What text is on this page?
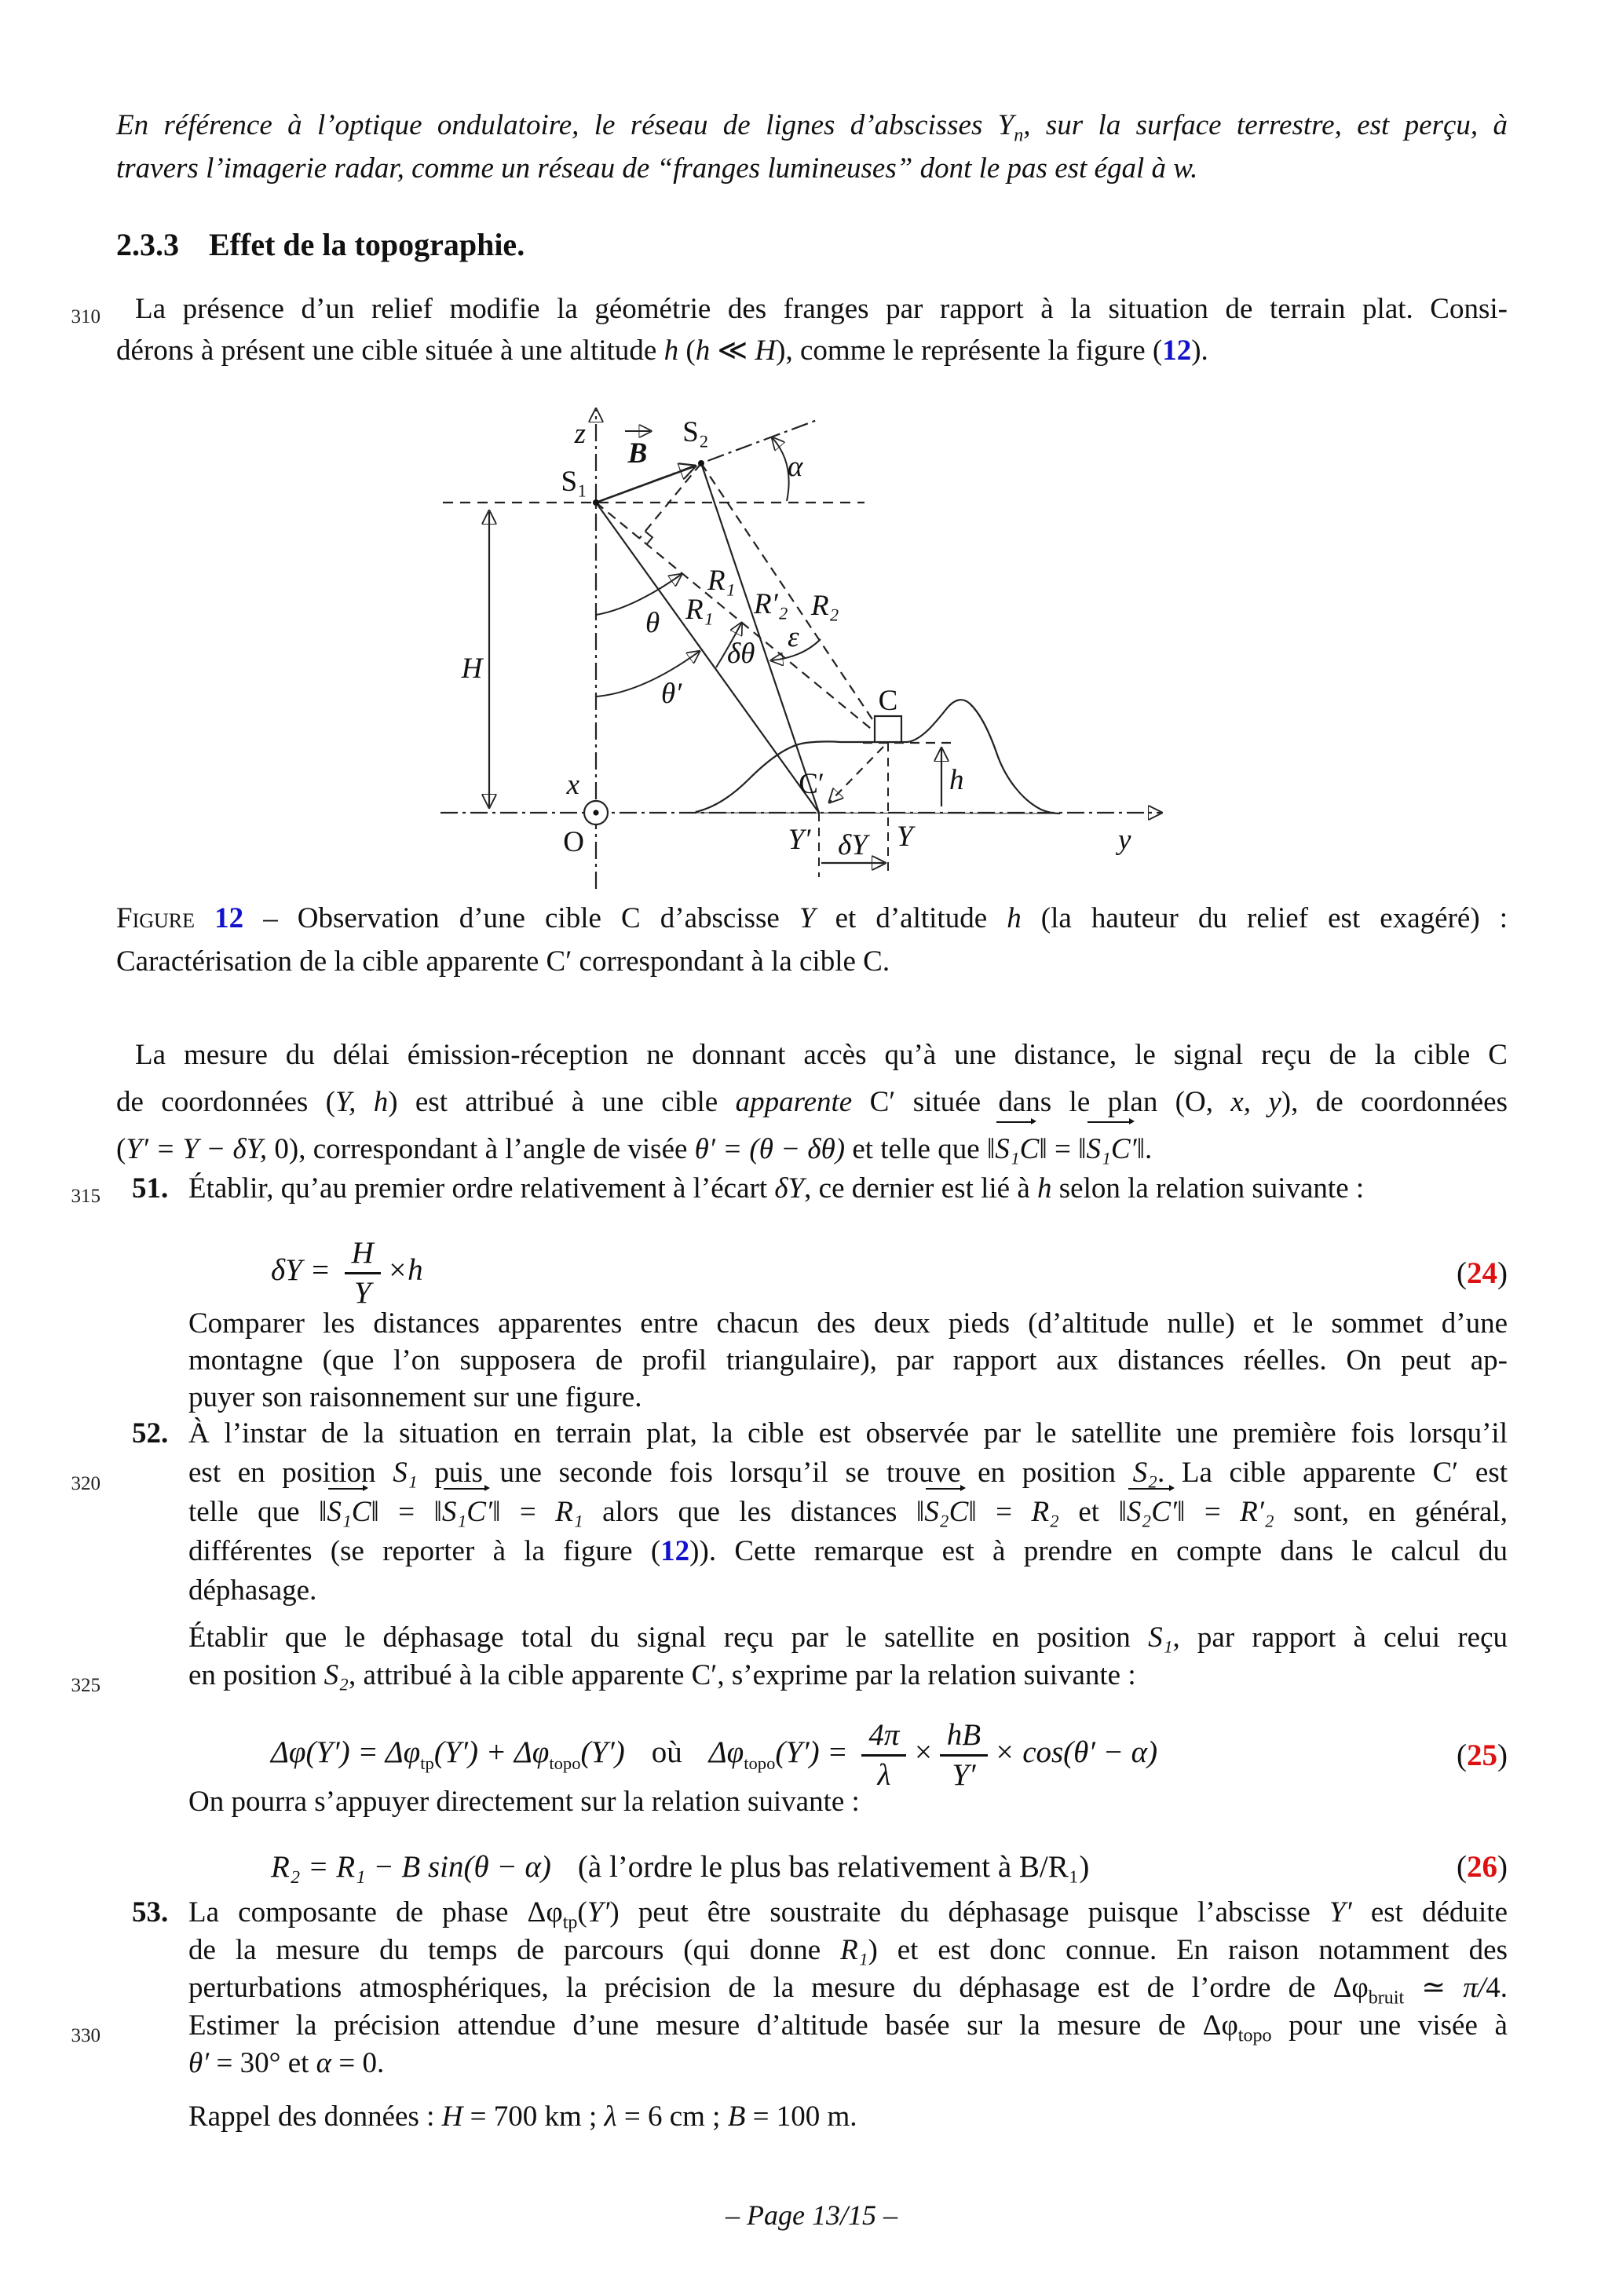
310
315
320
325
330
En référence à l’optique ondulatoire, le réseau de lignes d’abscisses $Y_n$, sur la surface terrestre, est perçu, à
travers l’imagerie radar, comme un réseau de “franges lumineuses” dont le pas est égal à w.
2.3.3 Effet de la topographie.
La présence d’un relief modifie la géométrie des franges par rapport à la situation de terrain plat. Consi-
dérons à présent une cible située à une altitude h (h ≪ H), comme le représente la figure (12).
z
S₁
S₂
B	α
θ
θ′
δθ
ε
R₁
R₁ R′₂ R₂
H
h
C
C′
Y′	Y
δY	y
x
O
Figure 12 – Observation d’une cible C d’abscisse Y et d’altitude h (la hauteur du relief est exagéré) :
Caractérisation de la cible apparente C′ correspondant à la cible C.
La mesure du délai émission-réception ne donnant accès qu’à une distance, le signal reçu de la cible C
de coordonnées (Y, h) est attribué à une cible apparente C′ située dans le plan (O, x, y), de coordonnées
(Y′ = Y − δY, 0), correspondant à l’angle de visée θ′ = (θ − δθ) et telle que ‖S₁C‖ = ‖S₁C′‖.
51. Établir, qu’au premier ordre relativement à l’écart δY, ce dernier est lié à h selon la relation suivante :
$\delta Y = \frac{H}{Y} \times h$	(24)
Comparer les distances apparentes entre chacun des deux pieds (d’altitude nulle) et le sommet d’une
montagne (que l’on supposera de profil triangulaire), par rapport aux distances réelles. On peut ap-
puyer son raisonnement sur une figure.
52. À l’instar de la situation en terrain plat, la cible est observée par le satellite une première fois lorsqu’il
est en position S₁ puis une seconde fois lorsqu’il se trouve en position S₂. La cible apparente C′ est
telle que ‖S₁C‖ = ‖S₁C′‖ = R₁ alors que les distances ‖S₂C‖ = R₂ et ‖S₂C′‖ = R′₂ sont, en général,
différentes (se reporter à la figure (12)). Cette remarque est à prendre en compte dans le calcul du
déphasage.
Établir que le déphasage total du signal reçu par le satellite en position S₁, par rapport à celui reçu
en position S₂, attribué à la cible apparente C′, s’exprime par la relation suivante :
$\Delta\varphi(Y') = \Delta\varphi_{tp}(Y') + \Delta\varphi_{topo}(Y')$ où $\Delta\varphi_{topo}(Y') = \frac{4\pi}{\lambda} \times \frac{hB}{Y'} \times \cos(\theta' - \alpha)$	(25)
On pourra s’appuyer directement sur la relation suivante :
R₂ = R₁ − B sin(θ − α) (à l’ordre le plus bas relativement à B/R₁)	(26)
53. La composante de phase $\Delta\varphi_{tp}(Y')$ peut être soustraite du déphasage puisque l’abscisse Y′ est déduite
de la mesure du temps de parcours (qui donne R₁) et est donc connue. En raison notamment des
perturbations atmosphériques, la précision de la mesure du déphasage est de l’ordre de $\Delta\varphi_{bruit}$ ≃ π/4.
Estimer la précision attendue d’une mesure d’altitude basée sur la mesure de $\Delta\varphi_{topo}$ pour une visée à
θ′ = 30° et α = 0.
Rappel des données : H = 700 km ; λ = 6 cm ; B = 100 m.
– Page 13/15 –
